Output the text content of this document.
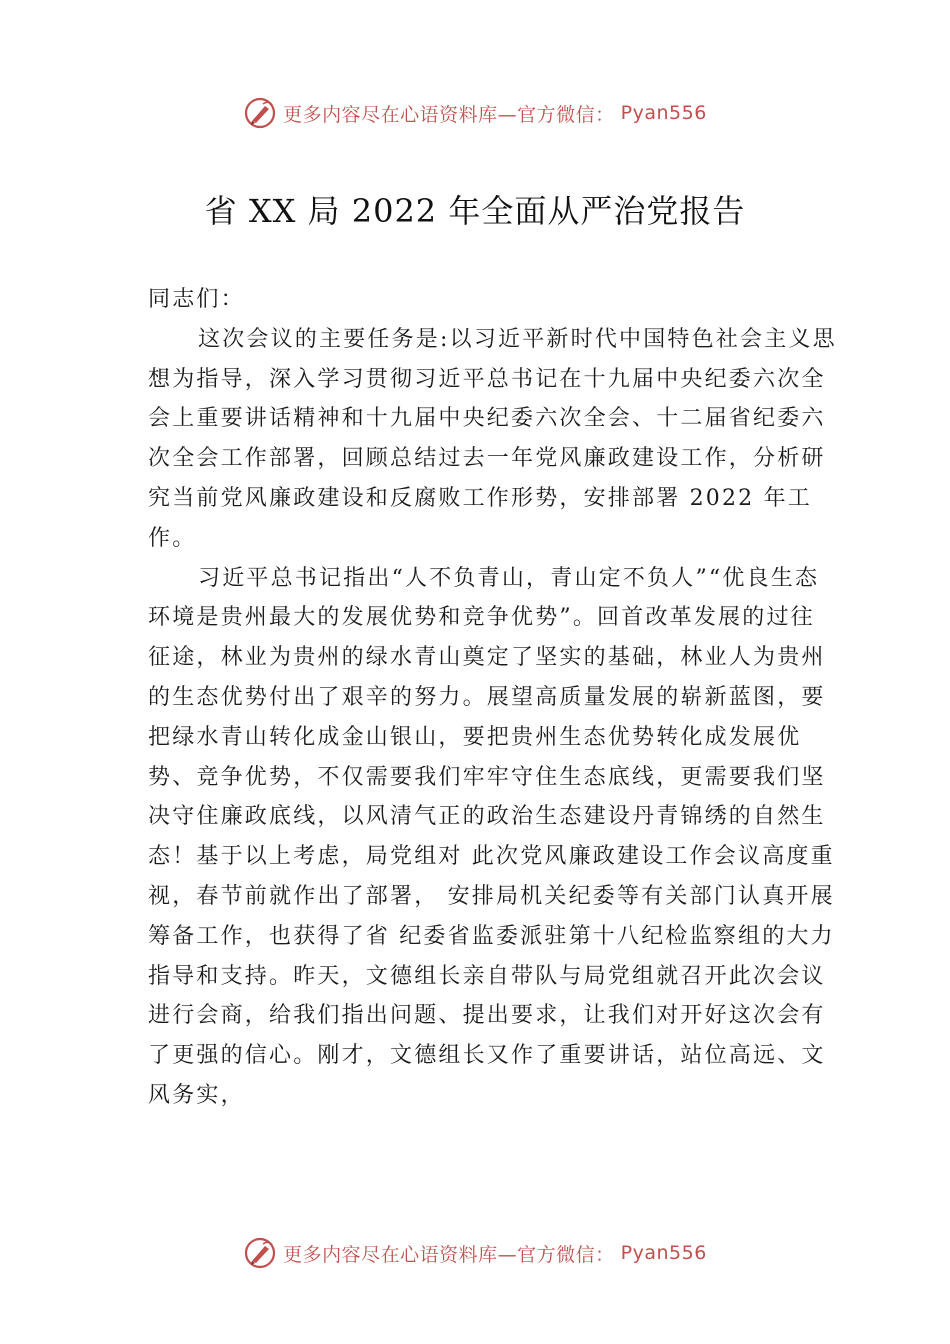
更多内容尽在心语资料库—官方微信： Pyan556
省 XX 局 2022 年全面从严治党报告

同志们：

这次会议的主要任务是:以习近平新时代中国特色社会主义思想为指导，深入学习贯彻习近平总书记在十九届中央纪委六次全会上重要讲话精神和十九届中央纪委六次全会、十二届省纪委六次全会工作部署，回顾总结过去一年党风廉政建设工作，分析研究当前党风廉政建设和反腐败工作形势，安排部署 2022 年工作。

习近平总书记指出“人不负青山，青山定不负人”“优良生态环境是贵州最大的发展优势和竞争优势”。回首改革发展的过往征途，林业为贵州的绿水青山奠定了坚实的基础，林业人为贵州的生态优势付出了艰辛的努力。展望高质量发展的崭新蓝图，要把绿水青山转化成金山银山，要把贵州生态优势转化成发展优势、竞争优势，不仅需要我们牢牢守住生态底线，更需要我们坚决守住廉政底线，以风清气正的政治生态建设丹青锦绣的自然生态！基于以上考虑，局党组对 此次党风廉政建设工作会议高度重视，春节前就作出了部署， 安排局机关纪委等有关部门认真开展筹备工作，也获得了省 纪委省监委派驻第十八纪检监察组的大力指导和支持。昨天，文德组长亲自带队与局党组就召开此次会议进行会商，给我们指出问题、提出要求，让我们对开好这次会有了更强的信心。刚才，文德组长又作了重要讲话，站位高远、文风务实，

更多内容尽在心语资料库—官方微信： Pyan556
